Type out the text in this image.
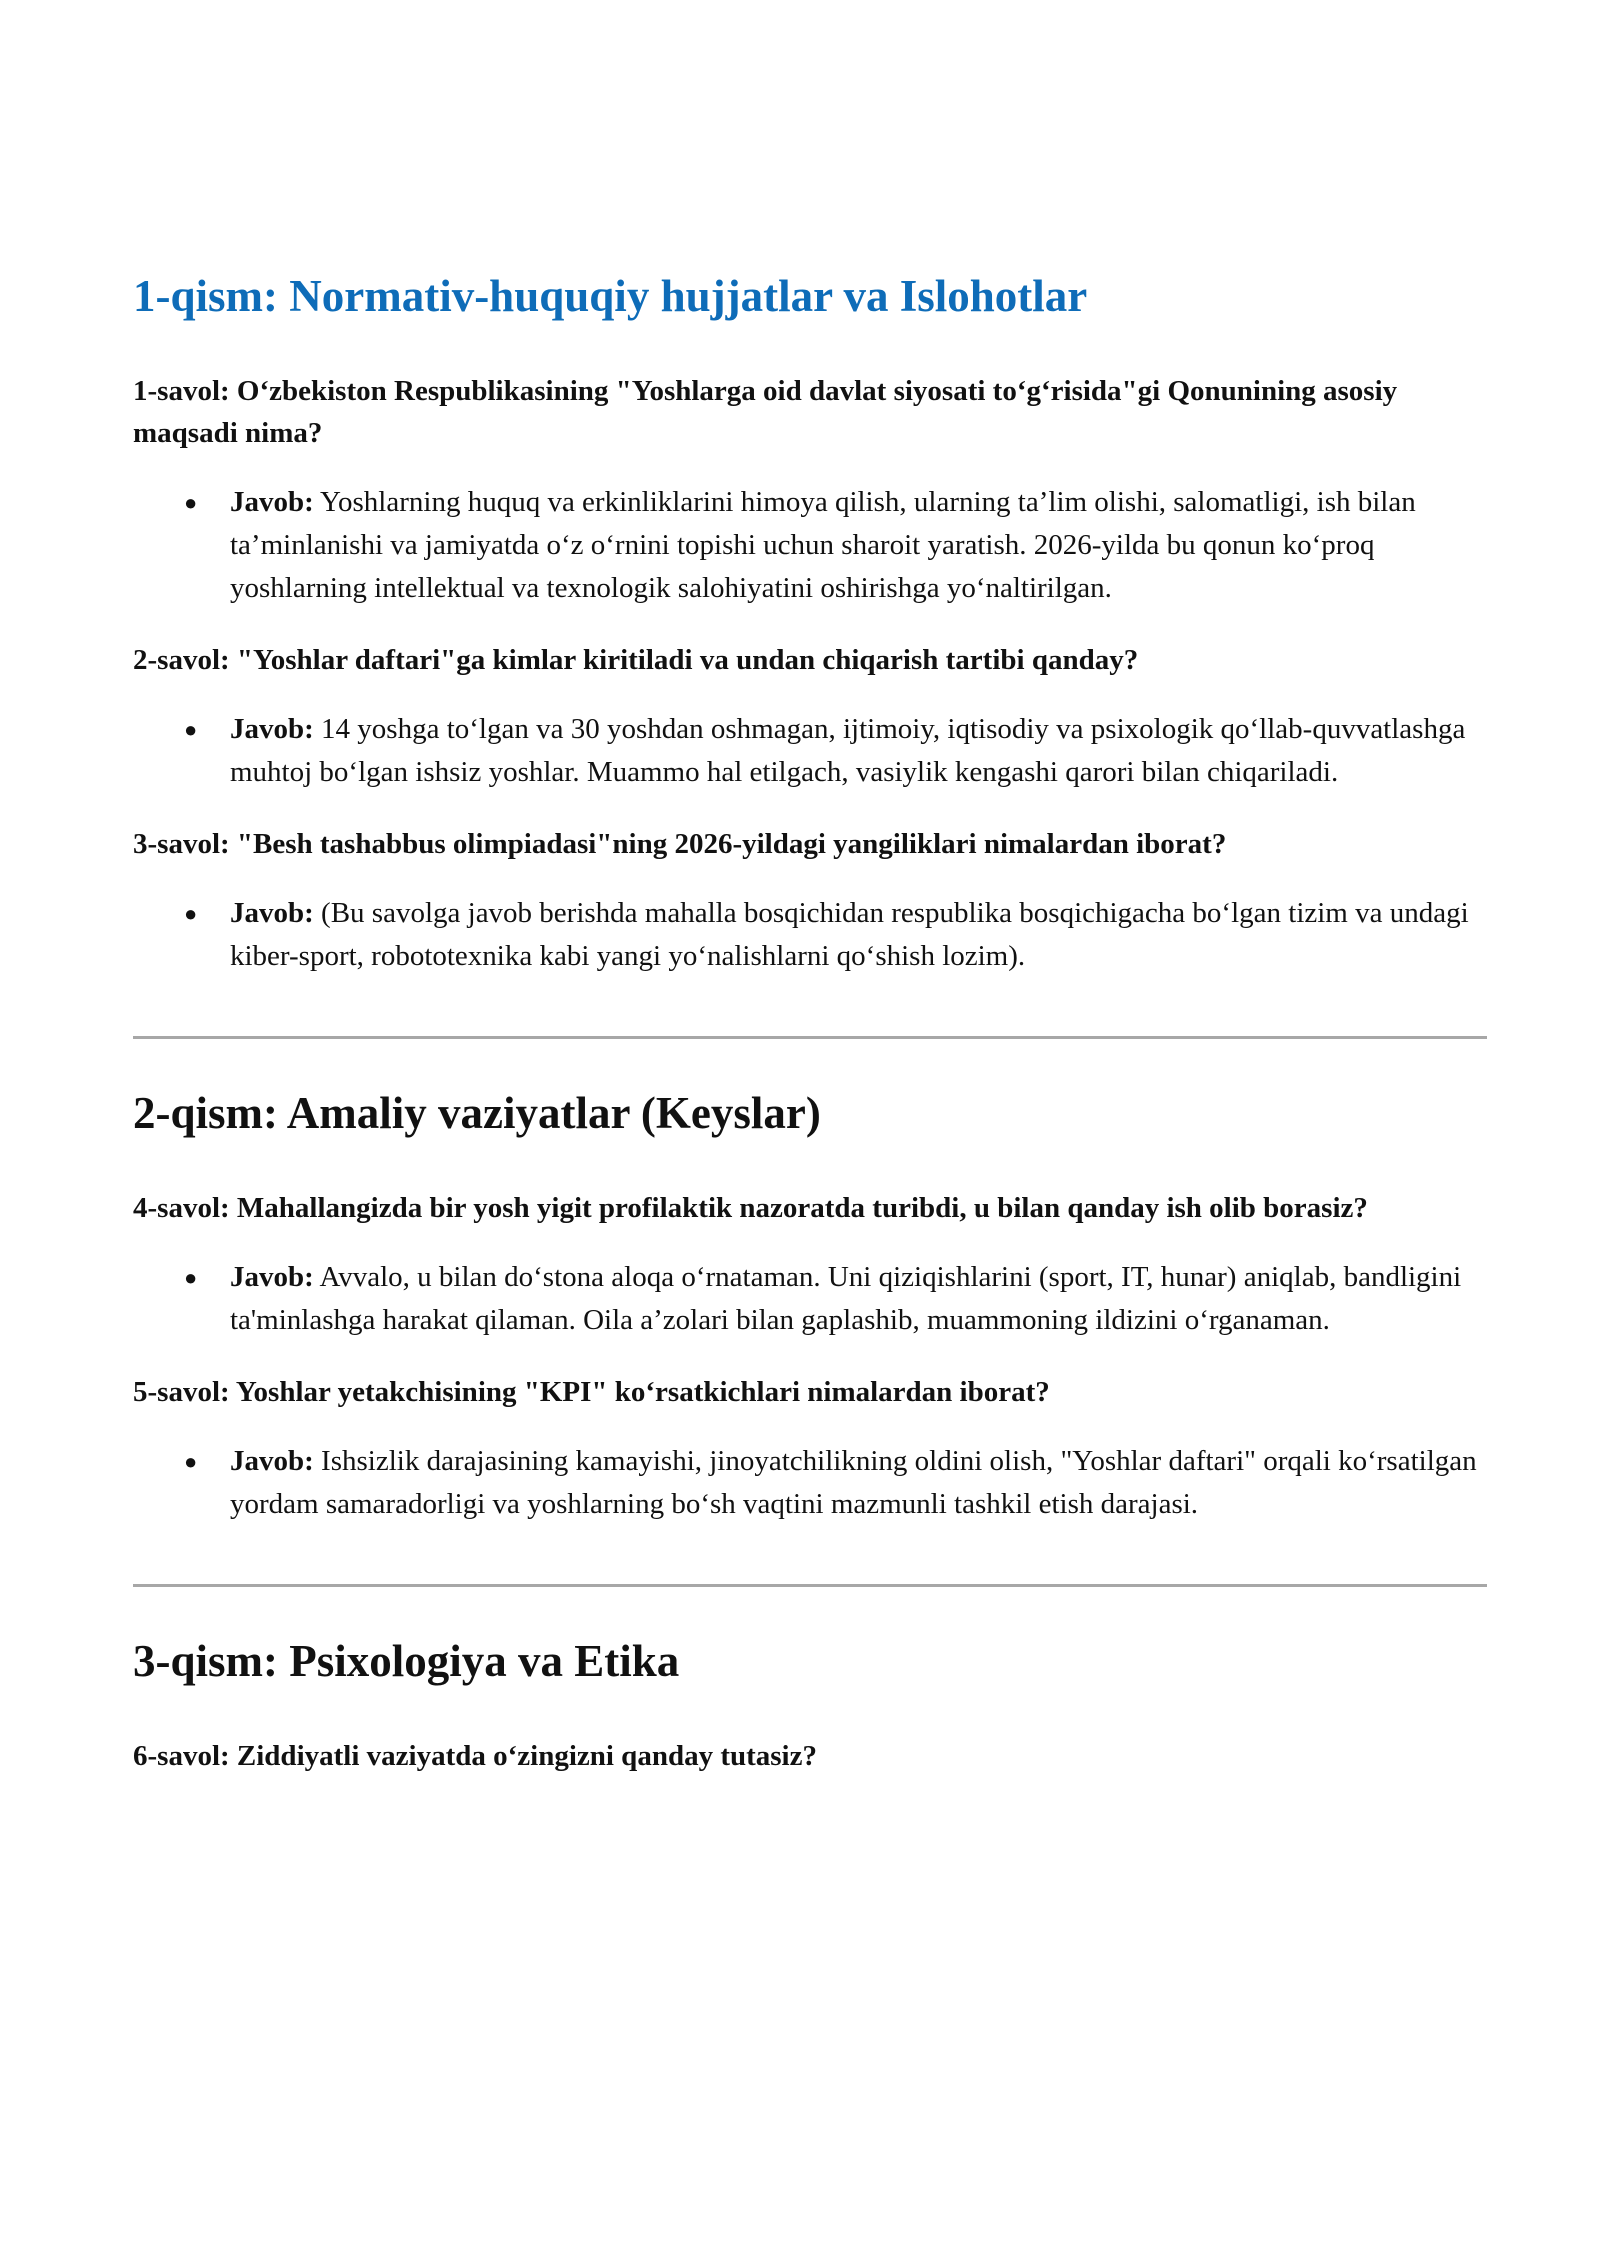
1-qism: Normativ-huquqiy hujjatlar va Islohotlar

1-savol: O‘zbekiston Respublikasining "Yoshlarga oid davlat siyosati to‘g‘risida"gi Qonunining asosiy maqsadi nima?

● Javob: Yoshlarning huquq va erkinliklarini himoya qilish, ularning ta’lim olishi, salomatligi, ish bilan ta’minlanishi va jamiyatda o‘z o‘rnini topishi uchun sharoit yaratish. 2026-yilda bu qonun ko‘proq yoshlarning intellektual va texnologik salohiyatini oshirishga yo‘naltirilgan.

2-savol: "Yoshlar daftari"ga kimlar kiritiladi va undan chiqarish tartibi qanday?

● Javob: 14 yoshga to‘lgan va 30 yoshdan oshmagan, ijtimoiy, iqtisodiy va psixologik qo‘llab-quvvatlashga muhtoj bo‘lgan ishsiz yoshlar. Muammo hal etilgach, vasiylik kengashi qarori bilan chiqariladi.

3-savol: "Besh tashabbus olimpiadasi"ning 2026-yildagi yangiliklari nimalardan iborat?

● Javob: (Bu savolga javob berishda mahalla bosqichidan respublika bosqichigacha bo‘lgan tizim va undagi kiber-sport, robototexnika kabi yangi yo‘nalishlarni qo‘shish lozim).
2-qism: Amaliy vaziyatlar (Keyslar)

4-savol: Mahallangizda bir yosh yigit profilaktik nazoratda turibdi, u bilan qanday ish olib borasiz?

● Javob: Avvalo, u bilan do‘stona aloqa o‘rnataman. Uni qiziqishlarini (sport, IT, hunar) aniqlab, bandligini ta'minlashga harakat qilaman. Oila a’zolari bilan gaplashib, muammoning ildizini o‘rganaman.

5-savol: Yoshlar yetakchisining "KPI" ko‘rsatkichlari nimalardan iborat?

● Javob: Ishsizlik darajasining kamayishi, jinoyatchilikning oldini olish, "Yoshlar daftari" orqali ko‘rsatilgan yordam samaradorligi va yoshlarning bo‘sh vaqtini mazmunli tashkil etish darajasi.
3-qism: Psixologiya va Etika

6-savol: Ziddiyatli vaziyatda o‘zingizni qanday tutasiz?
